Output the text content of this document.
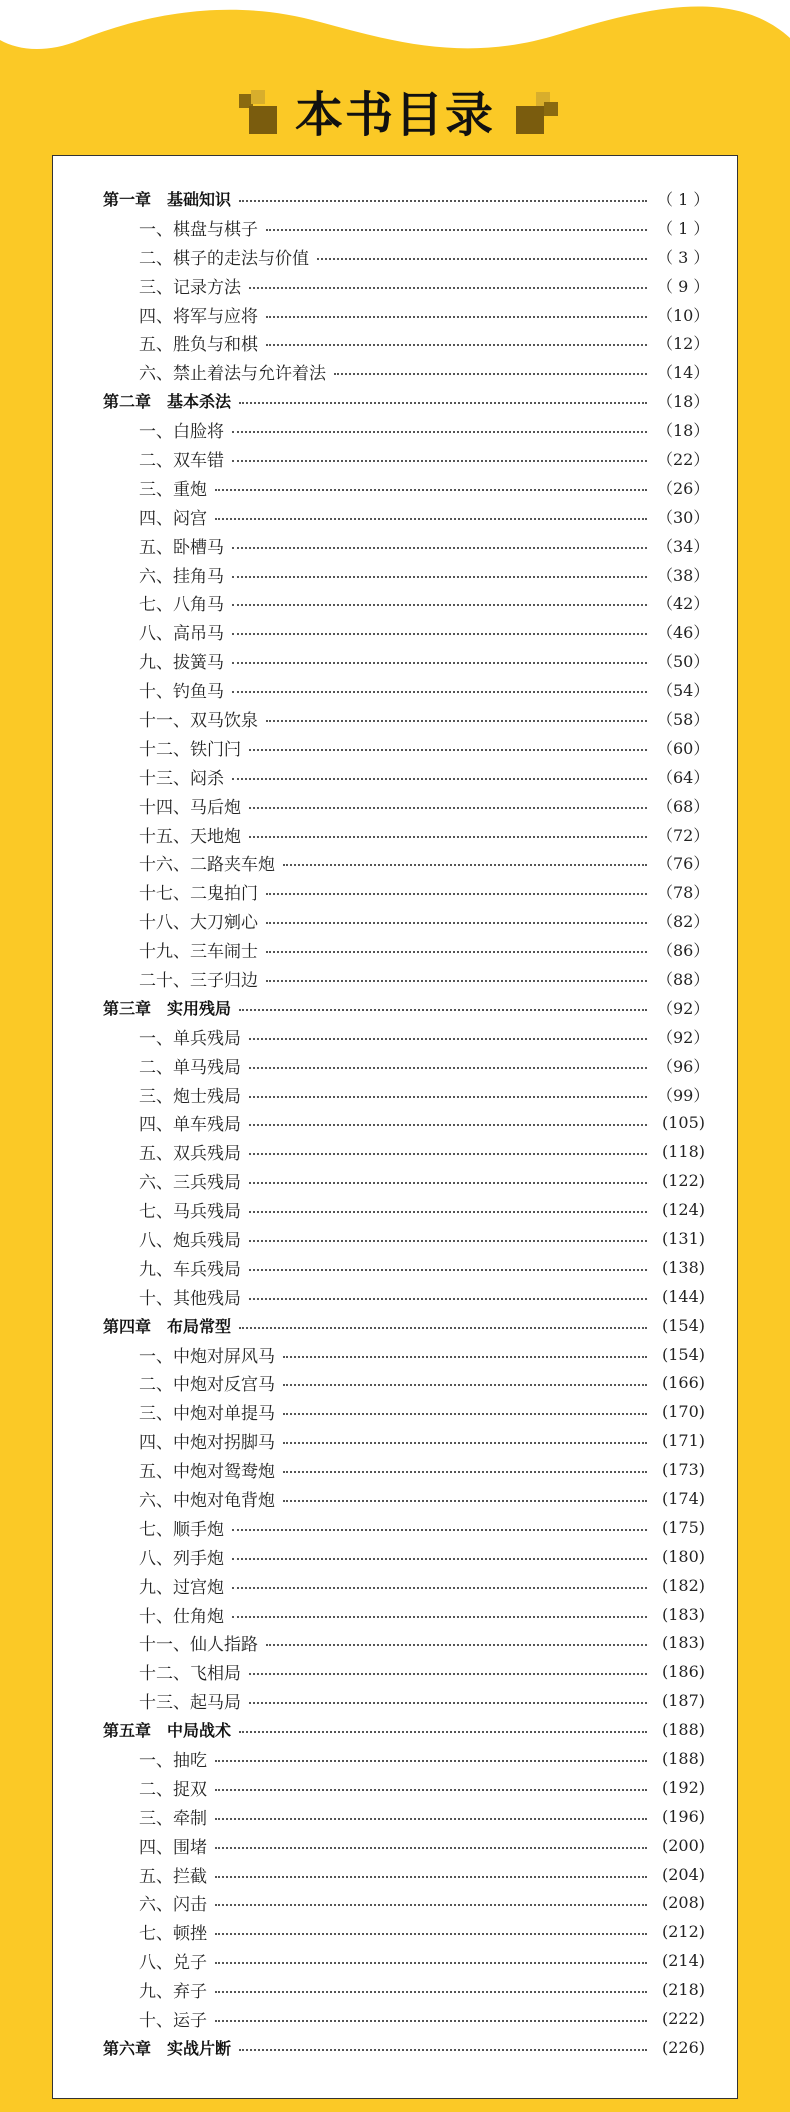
本书目录
第一章　基础知识	（ 1 ）
一、棋盘与棋子	（ 1 ）
二、棋子的走法与价值	（ 3 ）
三、记录方法	（ 9 ）
四、将军与应将	（10）
五、胜负与和棋	（12）
六、禁止着法与允许着法	（14）
第二章　基本杀法	（18）
一、白脸将	（18）
二、双车错	（22）
三、重炮	（26）
四、闷宫	（30）
五、卧槽马	（34）
六、挂角马	（38）
七、八角马	（42）
八、高吊马	（46）
九、拔簧马	（50）
十、钓鱼马	（54）
十一、双马饮泉	（58）
十二、铁门闩	（60）
十三、闷杀	（64）
十四、马后炮	（68）
十五、天地炮	（72）
十六、二路夹车炮	（76）
十七、二鬼拍门	（78）
十八、大刀剜心	（82）
十九、三车闹士	（86）
二十、三子归边	（88）
第三章　实用残局	（92）
一、单兵残局	（92）
二、单马残局	（96）
三、炮士残局	（99）
四、单车残局	(105)
五、双兵残局	(118)
六、三兵残局	(122)
七、马兵残局	(124)
八、炮兵残局	(131)
九、车兵残局	(138)
十、其他残局	(144)
第四章　布局常型	(154)
一、中炮对屏风马	(154)
二、中炮对反宫马	(166)
三、中炮对单提马	(170)
四、中炮对拐脚马	(171)
五、中炮对鸳鸯炮	(173)
六、中炮对龟背炮	(174)
七、顺手炮	(175)
八、列手炮	(180)
九、过宫炮	(182)
十、仕角炮	(183)
十一、仙人指路	(183)
十二、飞相局	(186)
十三、起马局	(187)
第五章　中局战术	(188)
一、抽吃	(188)
二、捉双	(192)
三、牵制	(196)
四、围堵	(200)
五、拦截	(204)
六、闪击	(208)
七、顿挫	(212)
八、兑子	(214)
九、弃子	(218)
十、运子	(222)
第六章　实战片断	(226)
